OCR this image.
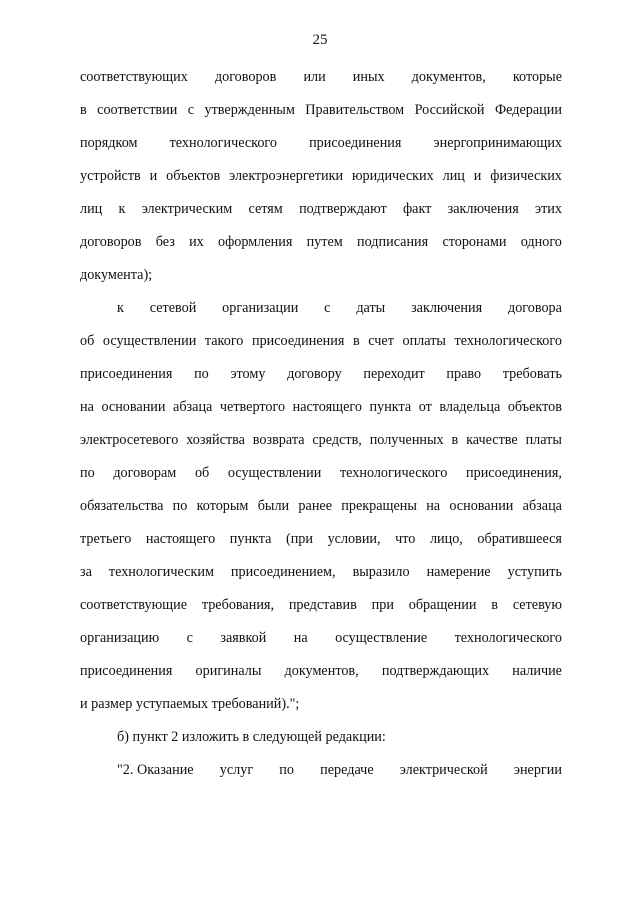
25
соответствующих договоров или иных документов, которые
в соответствии с утвержденным Правительством Российской Федерации
порядком технологического присоединения энергопринимающих
устройств и объектов электроэнергетики юридических лиц и физических
лиц к электрическим сетям подтверждают факт заключения этих
договоров без их оформления путем подписания сторонами одного
документа);
к сетевой организации с даты заключения договора
об осуществлении такого присоединения в счет оплаты технологического
присоединения по этому договору переходит право требовать
на основании абзаца четвертого настоящего пункта от владельца объектов
электросетевого хозяйства возврата средств, полученных в качестве платы
по договорам об осуществлении технологического присоединения,
обязательства по которым были ранее прекращены на основании абзаца
третьего настоящего пункта (при условии, что лицо, обратившееся
за технологическим присоединением, выразило намерение уступить
соответствующие требования, представив при обращении в сетевую
организацию с заявкой на осуществление технологического
присоединения оригиналы документов, подтверждающих наличие
и размер уступаемых требований).";
б) пункт 2 изложить в следующей редакции:
"2. Оказание услуг по передаче электрической энергии
